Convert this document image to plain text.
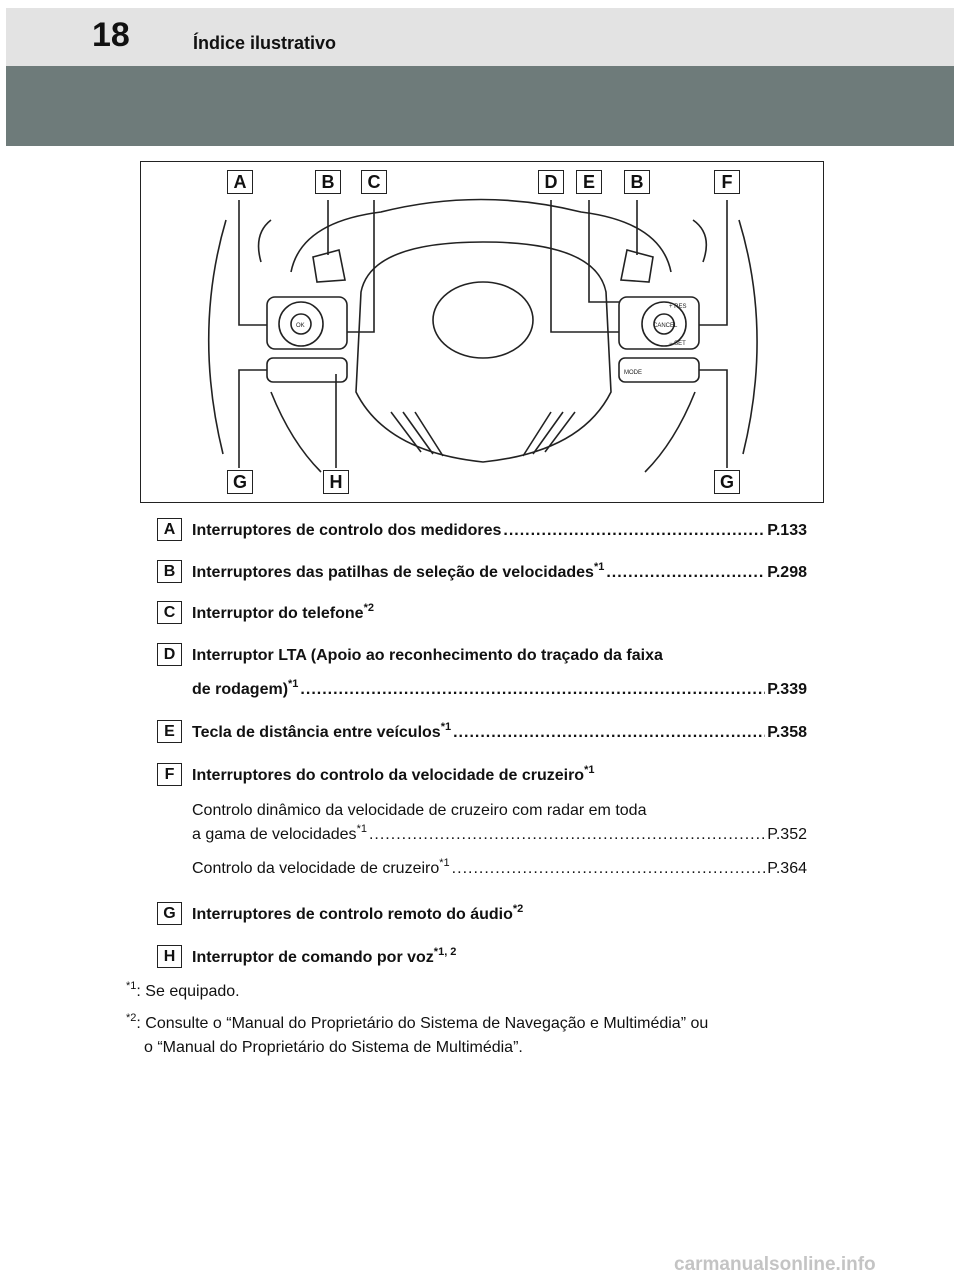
18	Índice ilustrativo
OK
+ RES
CANCEL
− SET
MODE
A	B	C	D	E	B	F
G	H	G
A	Interruptores de controlo dos medidores .....	P.133
B	Interruptores das patilhas de seleção de velocidades$^{*1}$ .....	P.298
C	Interruptor do telefone$^{*2}$
D	Interruptor LTA (Apoio ao reconhecimento do traçado da faixa
de rodagem)$^{*1}$ .....	P.339
E	Tecla de distância entre veículos$^{*1}$ .....	P.358
F	Interruptores do controlo da velocidade de cruzeiro$^{*1}$
Controlo dinâmico da velocidade de cruzeiro com radar em toda
a gama de velocidades$^{*1}$ .....	P.352
Controlo da velocidade de cruzeiro$^{*1}$ .....	P.364
G	Interruptores de controlo remoto do áudio$^{*2}$
H	Interruptor de comando por voz$^{*1, 2}$
$^{*1}$: Se equipado.
$^{*2}$: Consulte o “Manual do Proprietário do Sistema de Navegação e Multimédia” ou
o “Manual do Proprietário do Sistema de Multimédia”.
carmanualsonline.info
